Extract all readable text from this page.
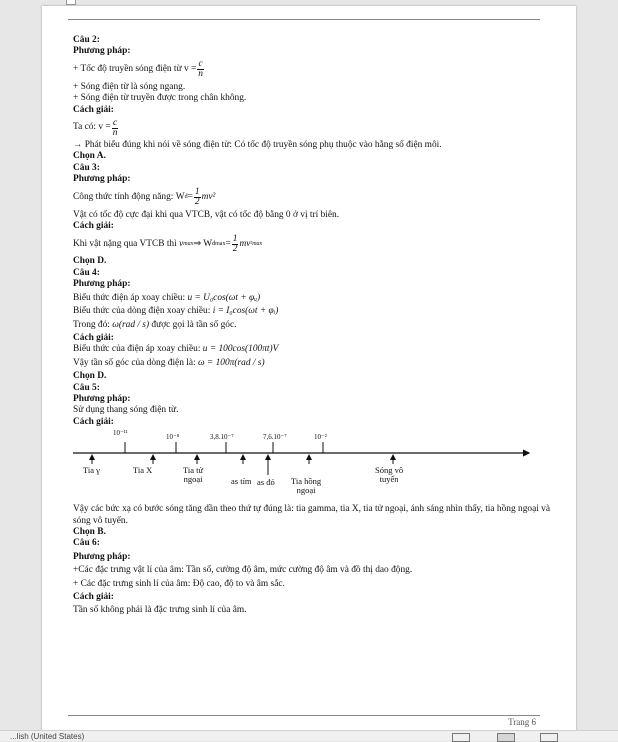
Câu 2:

Phương pháp:

+ Tốc độ truyền sóng điện từ $v = \frac{c}{n}$

+ Sóng điện từ là sóng ngang.

+ Sóng điện từ truyền được trong chân không.

Cách giải:

Ta có: $v = \frac{c}{n}$

→ Phát biểu đúng khi nói về sóng điện từ: Có tốc độ truyền sóng phụ thuộc vào hằng số điện môi.

Chọn A.

Câu 3:

Phương pháp:

Công thức tính động năng:
W đ = $\frac{1}{2} mv^2$

Vật có tốc độ cực đại khi qua VTCB, vật có tốc độ bằng 0 ở vị trí biên.

Cách giải:

Khi vật nặng qua VTCB thì
v max ⇒ W đmax = $\frac{1}{2}$ mv ²max

Chọn D.

Câu 4:

Phương pháp:

Biểu thức điện áp xoay chiều: u = U₀cos(ωt + φᵤ)

Biểu thức của dòng điện xoay chiều: i = I₀cos(ωt + φᵢ)

Trong đó: ω(rad / s) được gọi là tần số góc.

Cách giải:

Biểu thức của điện áp xoay chiều: u = 100cos(100πt)V

Vậy tần số góc của dòng điện là: ω = 100π(rad / s)

Chọn D.

Câu 5:

Phương pháp:

Sử dụng thang sóng điện từ.

Cách giải:

10⁻¹¹	10⁻⁸	3,8.10⁻⁷	7,6.10⁻⁷	10⁻²
Tia γ	Tia X	Tia tử
ngoại	as tím as đỏ Tia hồng
ngoại
Sóng vô
tuyến

Vậy các bức xạ có bước sóng tăng dần theo thứ tự đúng là: tia gamma, tia X, tia tử ngoại, ánh sáng nhìn thấy, tia hồng ngoại và sóng vô tuyến.

Chọn B.

Câu 6:

Phương pháp:

+Các đặc trưng vật lí của âm: Tần số, cường độ âm, mức cường độ âm và đồ thị dao động.

+ Các đặc trưng sinh lí của âm: Độ cao, độ to và âm sắc.

Cách giải:

Tần số không phải là đặc trưng sinh lí của âm.

Trang 6
...lish (United States)
